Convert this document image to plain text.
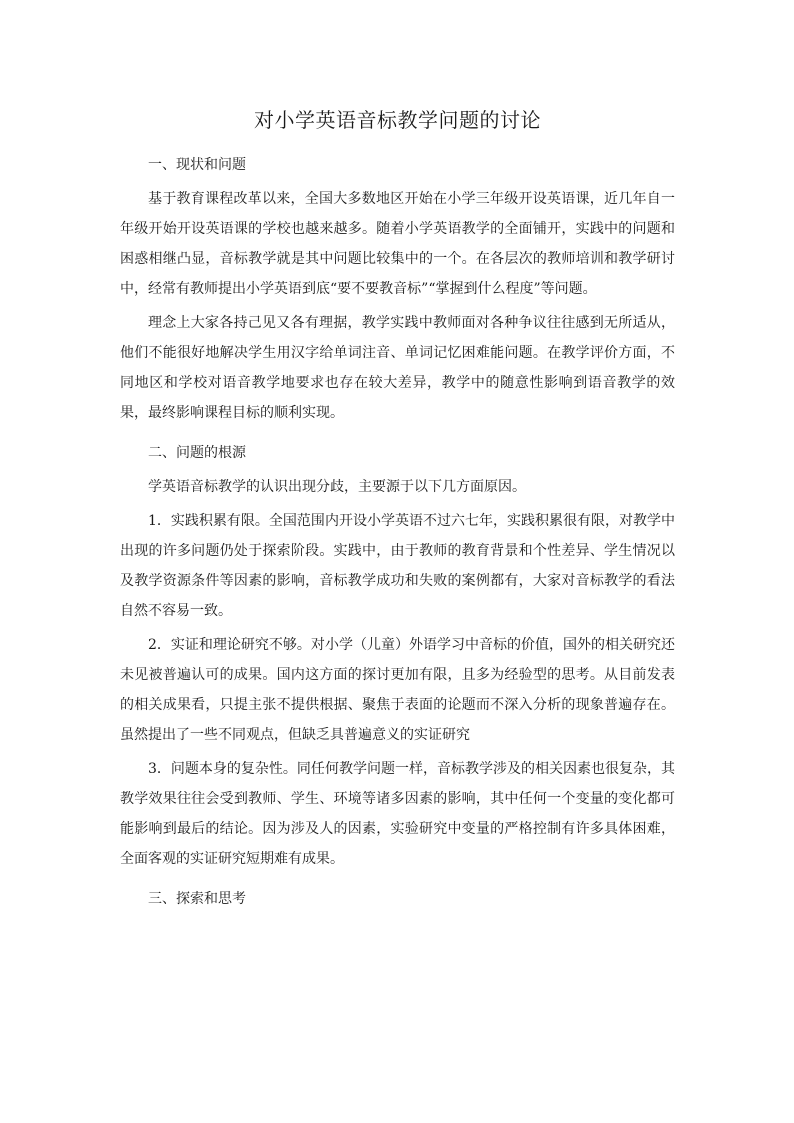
对小学英语音标教学问题的讨论
一、现状和问题

基于教育课程改革以来，全国大多数地区开始在小学三年级开设英语课，近几年自一年级开始开设英语课的学校也越来越多。随着小学英语教学的全面铺开，实践中的问题和困惑相继凸显，音标教学就是其中问题比较集中的一个。在各层次的教师培训和教学研讨中，经常有教师提出小学英语到底“要不要教音标”“掌握到什么程度”等问题。

理念上大家各持己见又各有理据，教学实践中教师面对各种争议往往感到无所适从，他们不能很好地解决学生用汉字给单词注音、单词记忆困难能问题。在教学评价方面，不同地区和学校对语音教学地要求也存在较大差异，教学中的随意性影响到语音教学的效果，最终影响课程目标的顺利实现。

二、问题的根源

学英语音标教学的认识出现分歧，主要源于以下几方面原因。

1．实践积累有限。全国范围内开设小学英语不过六七年，实践积累很有限，对教学中出现的许多问题仍处于探索阶段。实践中，由于教师的教育背景和个性差异、学生情况以及教学资源条件等因素的影响，音标教学成功和失败的案例都有，大家对音标教学的看法自然不容易一致。

2．实证和理论研究不够。对小学（儿童）外语学习中音标的价值，国外的相关研究还未见被普遍认可的成果。国内这方面的探讨更加有限，且多为经验型的思考。从目前发表的相关成果看，只提主张不提供根据、聚焦于表面的论题而不深入分析的现象普遍存在。虽然提出了一些不同观点，但缺乏具普遍意义的实证研究

3．问题本身的复杂性。同任何教学问题一样，音标教学涉及的相关因素也很复杂，其教学效果往往会受到教师、学生、环境等诸多因素的影响，其中任何一个变量的变化都可能影响到最后的结论。因为涉及人的因素，实验研究中变量的严格控制有许多具体困难，全面客观的实证研究短期难有成果。

三、探索和思考
